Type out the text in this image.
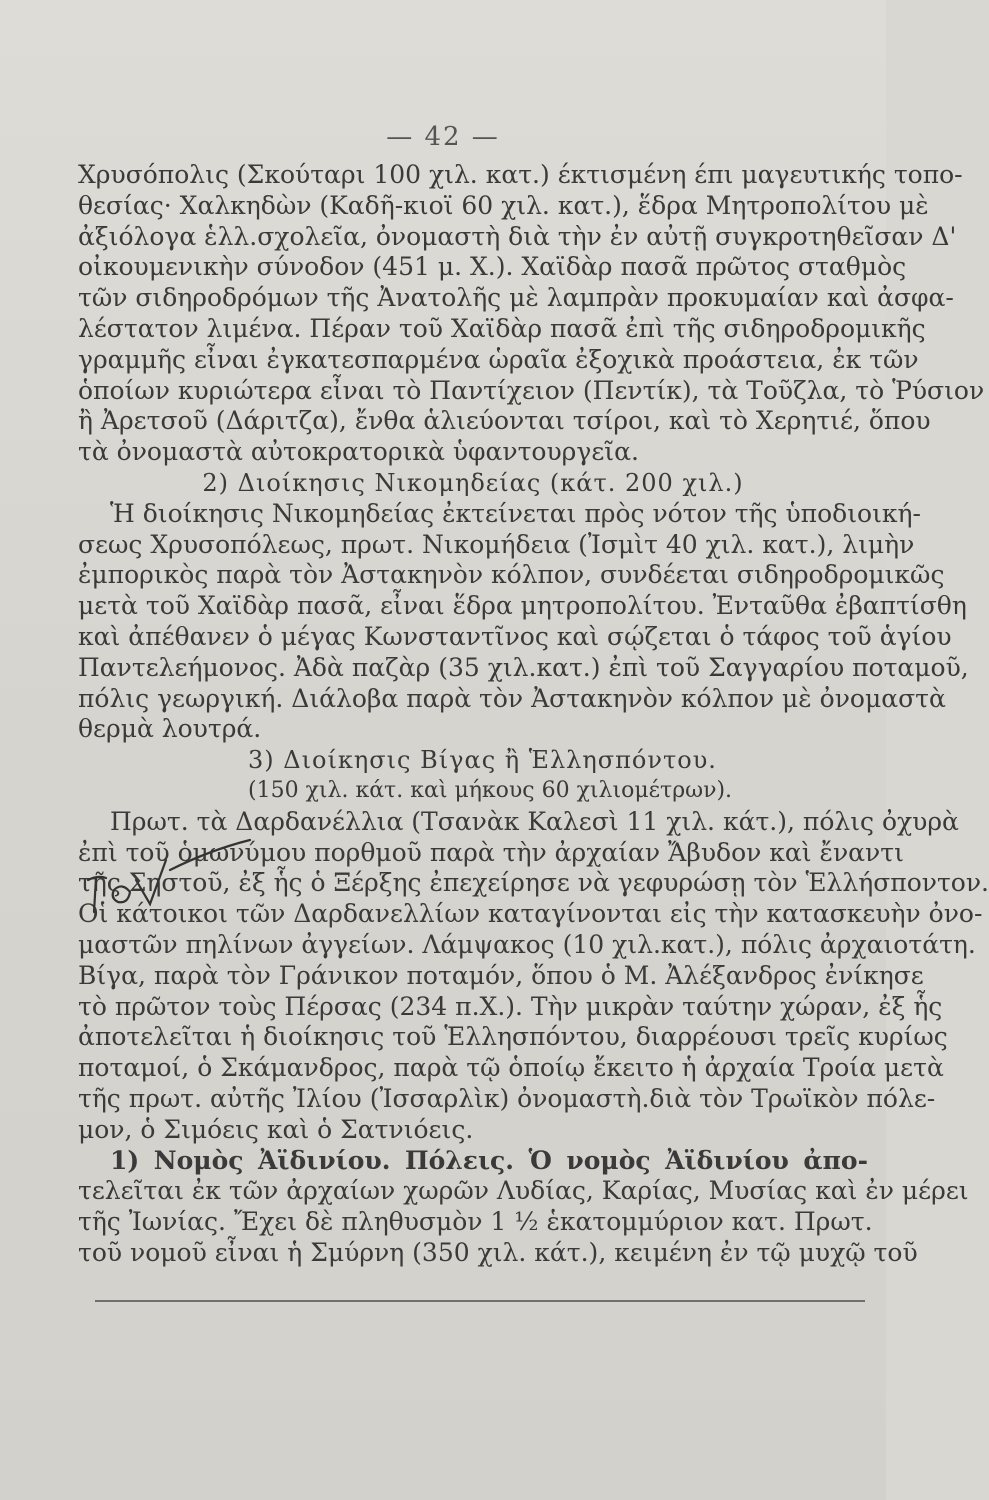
— 42 —
Χρυσόπολις (Σκούταρι 100 χιλ. κατ.) έκτισμένη έπι μαγευτικής τοπο-
θεσίας· Χαλκηδὼν (Καδῆ-κιοϊ 60 χιλ. κατ.), ἕδρα Μητροπολίτου μὲ
ἀξιόλογα ἑλλ.σχολεῖα, ὀνομαστὴ διὰ τὴν ἐν αὐτῇ συγκροτηθεῖσαν Δ'
οἰκουμενικὴν σύνοδον (451 μ. Χ.). Χαϊδὰρ πασᾶ πρῶτος σταθμὸς
τῶν σιδηροδρόμων τῆς Ἀνατολῆς μὲ λαμπρὰν προκυμαίαν καὶ ἀσφα-
λέστατον λιμένα. Πέραν τοῦ Χαϊδὰρ πασᾶ ἐπὶ τῆς σιδηροδρομικῆς
γραμμῆς εἶναι ἐγκατεσπαρμένα ὡραῖα ἐξοχικὰ προάστεια, ἐκ τῶν
ὁποίων κυριώτερα εἶναι τὸ Παντίχειον (Πεντίκ), τὰ Τοῦζλα, τὸ Ῥύσιον
ἢ Ἀρετσοῦ (Δάριτζα), ἔνθα ἁλιεύονται τσίροι, καὶ τὸ Χερητιέ, ὅπου
τὰ ὀνομαστὰ αὐτοκρατορικὰ ὑφαντουργεῖα.
2) Διοίκησις Νικομηδείας (κάτ. 200 χιλ.)
Ἡ διοίκησις Νικομηδείας ἐκτείνεται πρὸς νότον τῆς ὑποδιοική-
σεως Χρυσοπόλεως, πρωτ. Νικομήδεια (Ἰσμὶτ 40 χιλ. κατ.), λιμὴν
ἐμπορικὸς παρὰ τὸν Ἀστακηνὸν κόλπον, συνδέεται σιδηροδρομικῶς
μετὰ τοῦ Χαϊδὰρ πασᾶ, εἶναι ἕδρα μητροπολίτου. Ἐνταῦθα ἐβαπτίσθη
καὶ ἀπέθανεν ὁ μέγας Κωνσταντῖνος καὶ σῴζεται ὁ τάφος τοῦ ἁγίου
Παντελεήμονος. Ἀδὰ παζὰρ (35 χιλ.κατ.) ἐπὶ τοῦ Σαγγαρίου ποταμοῦ,
πόλις γεωργική. Διάλοβα παρὰ τὸν Ἀστακηνὸν κόλπον μὲ ὀνομαστὰ
θερμὰ λουτρά.
3) Διοίκησις Βίγας ἢ Ἑλλησπόντου.
(150 χιλ. κάτ. καὶ μήκους 60 χιλιομέτρων).
Πρωτ. τὰ Δαρδανέλλια (Τσανὰκ Καλεσὶ 11 χιλ. κάτ.), πόλις ὀχυρὰ
ἐπὶ τοῦ ὁμωνύμου πορθμοῦ παρὰ τὴν ἀρχαίαν Ἄβυδον καὶ ἔναντι
τῆς Σηστοῦ, ἐξ ἧς ὁ Ξέρξης ἐπεχείρησε νὰ γεφυρώσῃ τὸν Ἑλλήσποντον.
Οἱ κάτοικοι τῶν Δαρδανελλίων καταγίνονται εἰς τὴν κατασκευὴν ὀνο-
μαστῶν πηλίνων ἀγγείων. Λάμψακος (10 χιλ.κατ.), πόλις ἀρχαιοτάτη.
Βίγα, παρὰ τὸν Γράνικον ποταμόν, ὅπου ὁ Μ. Ἀλέξανδρος ἐνίκησε
τὸ πρῶτον τοὺς Πέρσας (234 π.Χ.). Τὴν μικρὰν ταύτην χώραν, ἐξ ἧς
ἀποτελεῖται ἡ διοίκησις τοῦ Ἑλλησπόντου, διαρρέουσι τρεῖς κυρίως
ποταμοί, ὁ Σκάμανδρος, παρὰ τῷ ὁποίῳ ἔκειτο ἡ ἀρχαία Τροία μετὰ
τῆς πρωτ. αὐτῆς Ἰλίου (Ἰσσαρλὶκ) ὀνομαστὴ.διὰ τὸν Τρωϊκὸν πόλε-
μον, ὁ Σιμόεις καὶ ὁ Σατνιόεις.
1) Νομὸς Ἀϊδινίου. Πόλεις. Ὁ νομὸς Ἀϊδινίου ἀπο-
τελεῖται ἐκ τῶν ἀρχαίων χωρῶν Λυδίας, Καρίας, Μυσίας καὶ ἐν μέρει
τῆς Ἰωνίας. Ἔχει δὲ πληθυσμὸν 1 ½ ἑκατομμύριον κατ. Πρωτ.
τοῦ νομοῦ εἶναι ἡ Σμύρνη (350 χιλ. κάτ.), κειμένη ἐν τῷ μυχῷ τοῦ
